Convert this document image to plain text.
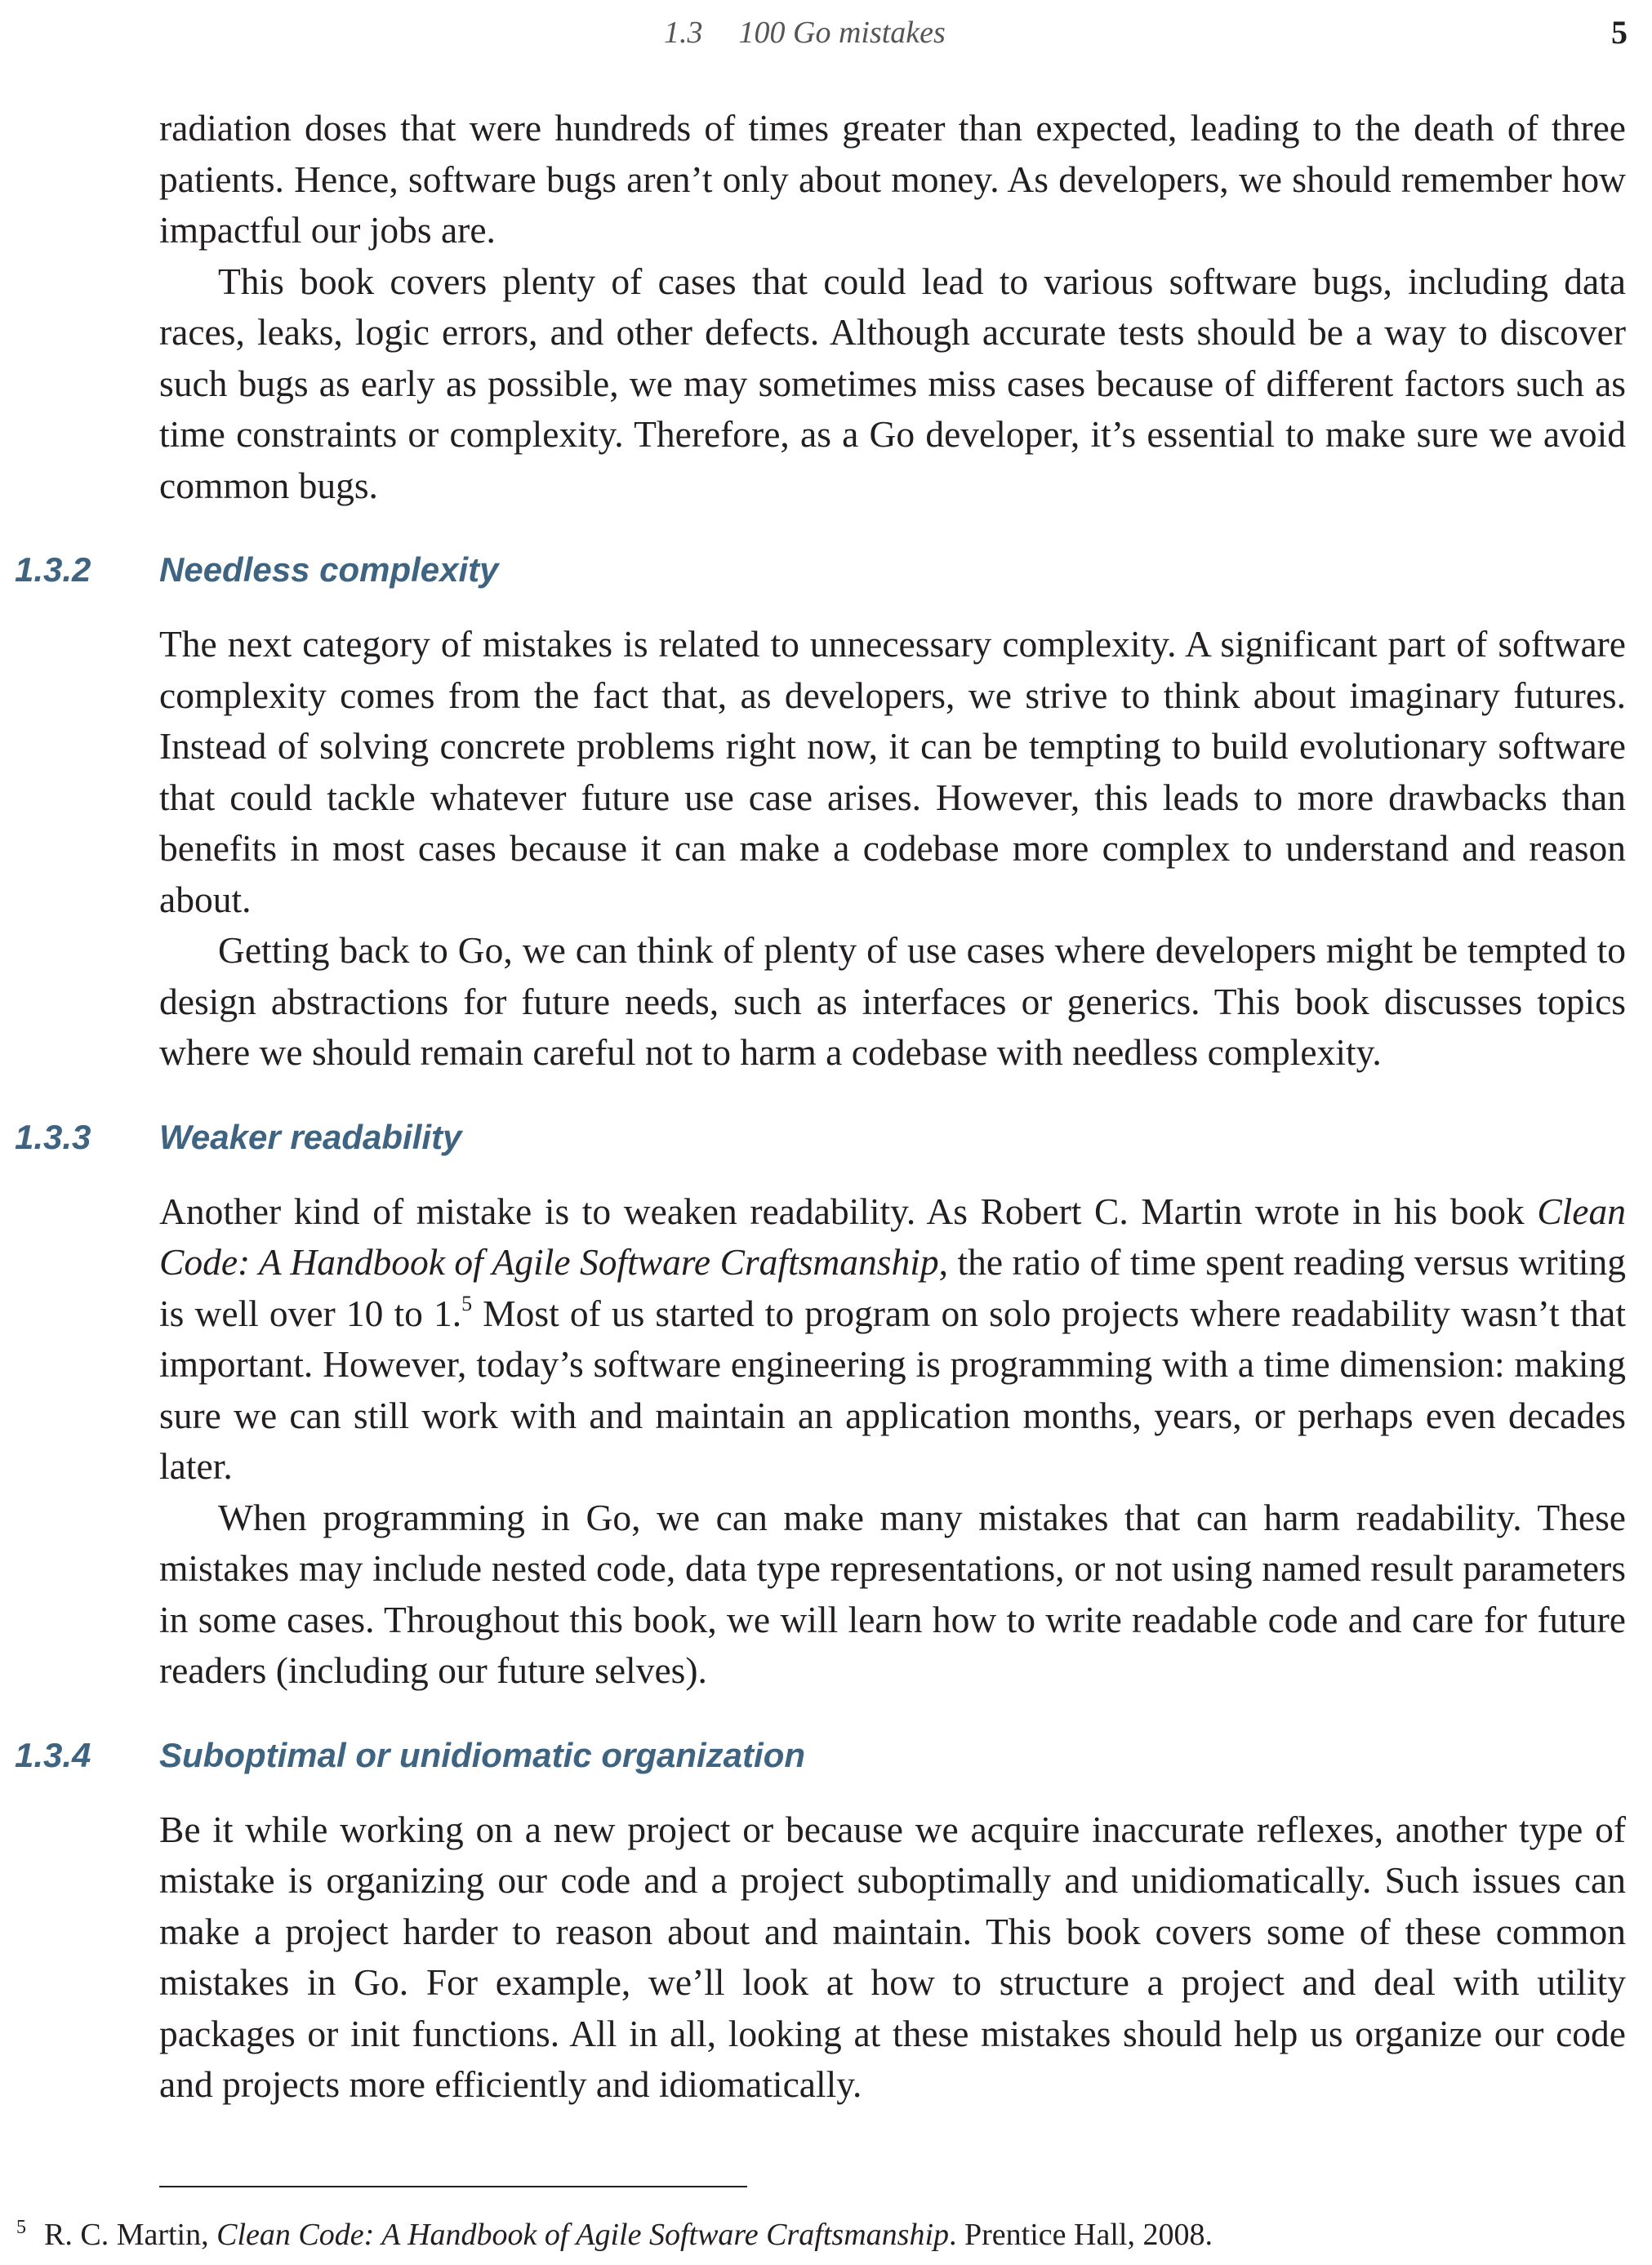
1.3 100 Go mistakes	5

radiation doses that were hundreds of times greater than expected, leading to the death of three patients. Hence, software bugs aren’t only about money. As developers, we should remember how impactful our jobs are.

This book covers plenty of cases that could lead to various software bugs, including data races, leaks, logic errors, and other defects. Although accurate tests should be a way to discover such bugs as early as possible, we may sometimes miss cases because of different factors such as time constraints or complexity. Therefore, as a Go developer, it’s essential to make sure we avoid common bugs.

1.3.2 Needless complexity

The next category of mistakes is related to unnecessary complexity. A significant part of software complexity comes from the fact that, as developers, we strive to think about imaginary futures. Instead of solving concrete problems right now, it can be tempting to build evolutionary software that could tackle whatever future use case arises. However, this leads to more drawbacks than benefits in most cases because it can make a codebase more complex to understand and reason about.

Getting back to Go, we can think of plenty of use cases where developers might be tempted to design abstractions for future needs, such as interfaces or generics. This book discusses topics where we should remain careful not to harm a codebase with needless complexity.

1.3.3 Weaker readability

Another kind of mistake is to weaken readability. As Robert C. Martin wrote in his book Clean Code: A Handbook of Agile Software Craftsmanship, the ratio of time spent reading versus writing is well over 10 to 1.$^5$ Most of us started to program on solo projects where readability wasn’t that important. However, today’s software engineering is programming with a time dimension: making sure we can still work with and maintain an application months, years, or perhaps even decades later.

When programming in Go, we can make many mistakes that can harm readability. These mistakes may include nested code, data type representations, or not using named result parameters in some cases. Throughout this book, we will learn how to write readable code and care for future readers (including our future selves).

1.3.4 Suboptimal or unidiomatic organization

Be it while working on a new project or because we acquire inaccurate reflexes, another type of mistake is organizing our code and a project suboptimally and unidiomatically. Such issues can make a project harder to reason about and maintain. This book covers some of these common mistakes in Go. For example, we’ll look at how to structure a project and deal with utility packages or init functions. All in all, looking at these mistakes should help us organize our code and projects more efficiently and idiomatically.

$^5$ R. C. Martin, Clean Code: A Handbook of Agile Software Craftsmanship. Prentice Hall, 2008.
